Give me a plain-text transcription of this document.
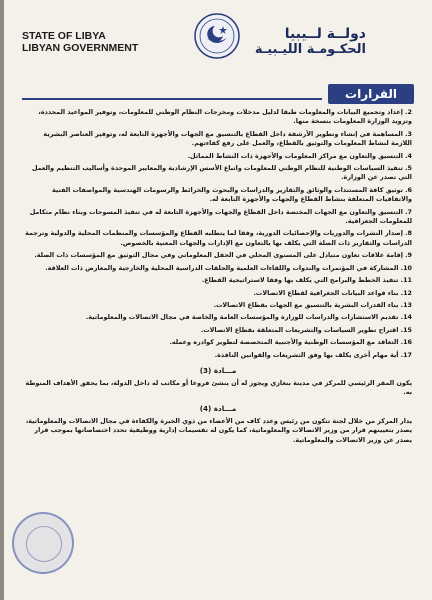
STATE OF LIBYA
LIBYAN GOVERNMENT
دولــة لــيبيا
الحكـومـة الليـبيـة
القرارات
2. إعداد وتجميع البيانات والمعلومات طبقا لدليل مدخلات ومخرجات النظام الوطني للمعلومات، وتوفير المواعيد المحددة، وتزويد الوزارة المعلومات بنسخة منها.
3. المساهمة في إنشاء وتطوير الأرشفة داخل القطاع بالتنسيق مع الجهات والأجهزة التابعة له، وتوفير العناصر البشرية اللازمة لنشاط المعلومات والتوثيق بالقطاع، والعمل على رفع كفاءتهم.
4. التنسيق والتعاون مع مراكز المعلومات والأجهزة ذات النشاط المماثل.
5. تنفيذ السياسات الوطنية للنظام الوطني للمعلومات واتباع الأسس الإرشادية والمعايير الموحدة وأساليب التنظيم والعمل التي تصدر عن الوزارة.
6. توثيق كافة المستندات والوثائق والتقارير والدراسات والبحوث والخرائط والرسومات الهندسية والمواصفات الفنية والاتفاقيات المتعلقة بنشاط القطاع والجهات والأجهزة التابعة له.
7. التنسيق والتعاون مع الجهات المختصة داخل القطاع والجهات والأجهزة التابعة له في تنفيذ المسوحات وبناء نظام متكامل للمعلومات الجغرافية.
8. إصدار النشرات والدوريات والإحصائيات الدورية، وفقا لما يتطلبه القطاع والمؤسسات والمنظمات المحلية والدولية وترجمة الدراسات والتقارير ذات الصلة التي يكلف بها بالتعاون مع الإدارات والجهات المعنية بالخصوص.
9. إقامة علاقات تعاون متبادل على المستوى المحلي في الحقل المعلوماتي وفي مجال التوثيق مع المؤسسات ذات الصلة.
10. المشاركة في المؤتمرات والندوات واللقاءات العلمية والحلقات الدراسية المحلية والخارجية والمعارض ذات العلاقة.
11. تنفيذ الخطط والبرامج التي يكلف بها وفقا لاستراتيجية القطاع.
12. بناء قواعد البيانات الجغرافية لقطاع الاتصالات.
13. بناء القدرات البشرية بالتنسيق مع الجهات بقطاع الاتصالات.
14. تقديم الاستشارات والدراسات للوزارة والمؤسسات العامة والخاصة في مجال الاتصالات والمعلوماتية.
15. اقتراح تطوير السياسات والتشريعات المتعلقة بقطاع الاتصالات.
16. التعاقد مع المؤسسات الوطنية والأجنبية المتخصصة لتطوير كوادره وعمله.
17. أية مهام أخرى يكلف بها وفق التشريعات والقوانين النافذة.
مـــادة (3)
يكون المقر الرئيسي للمركز في مدينة بنغازي ويجوز له أن ينشئ فروعا أو مكاتب له داخل الدولة، بما يحقق الأهداف المنوطة به.
مـــادة (4)
يدار المركز من خلال لجنة تتكون من رئيس وعدد كاف من الأعضاء من ذوي الخبرة والكفاءة في مجال الاتصالات والمعلوماتية، يصدر بتعيينهم قرار من وزير الاتصالات والمعلوماتية، كما يكون له تقسيمات إدارية ووظيفية تحدد اختصاصاتها بموجب قرار يصدر عن وزير الاتصالات والمعلوماتية.
